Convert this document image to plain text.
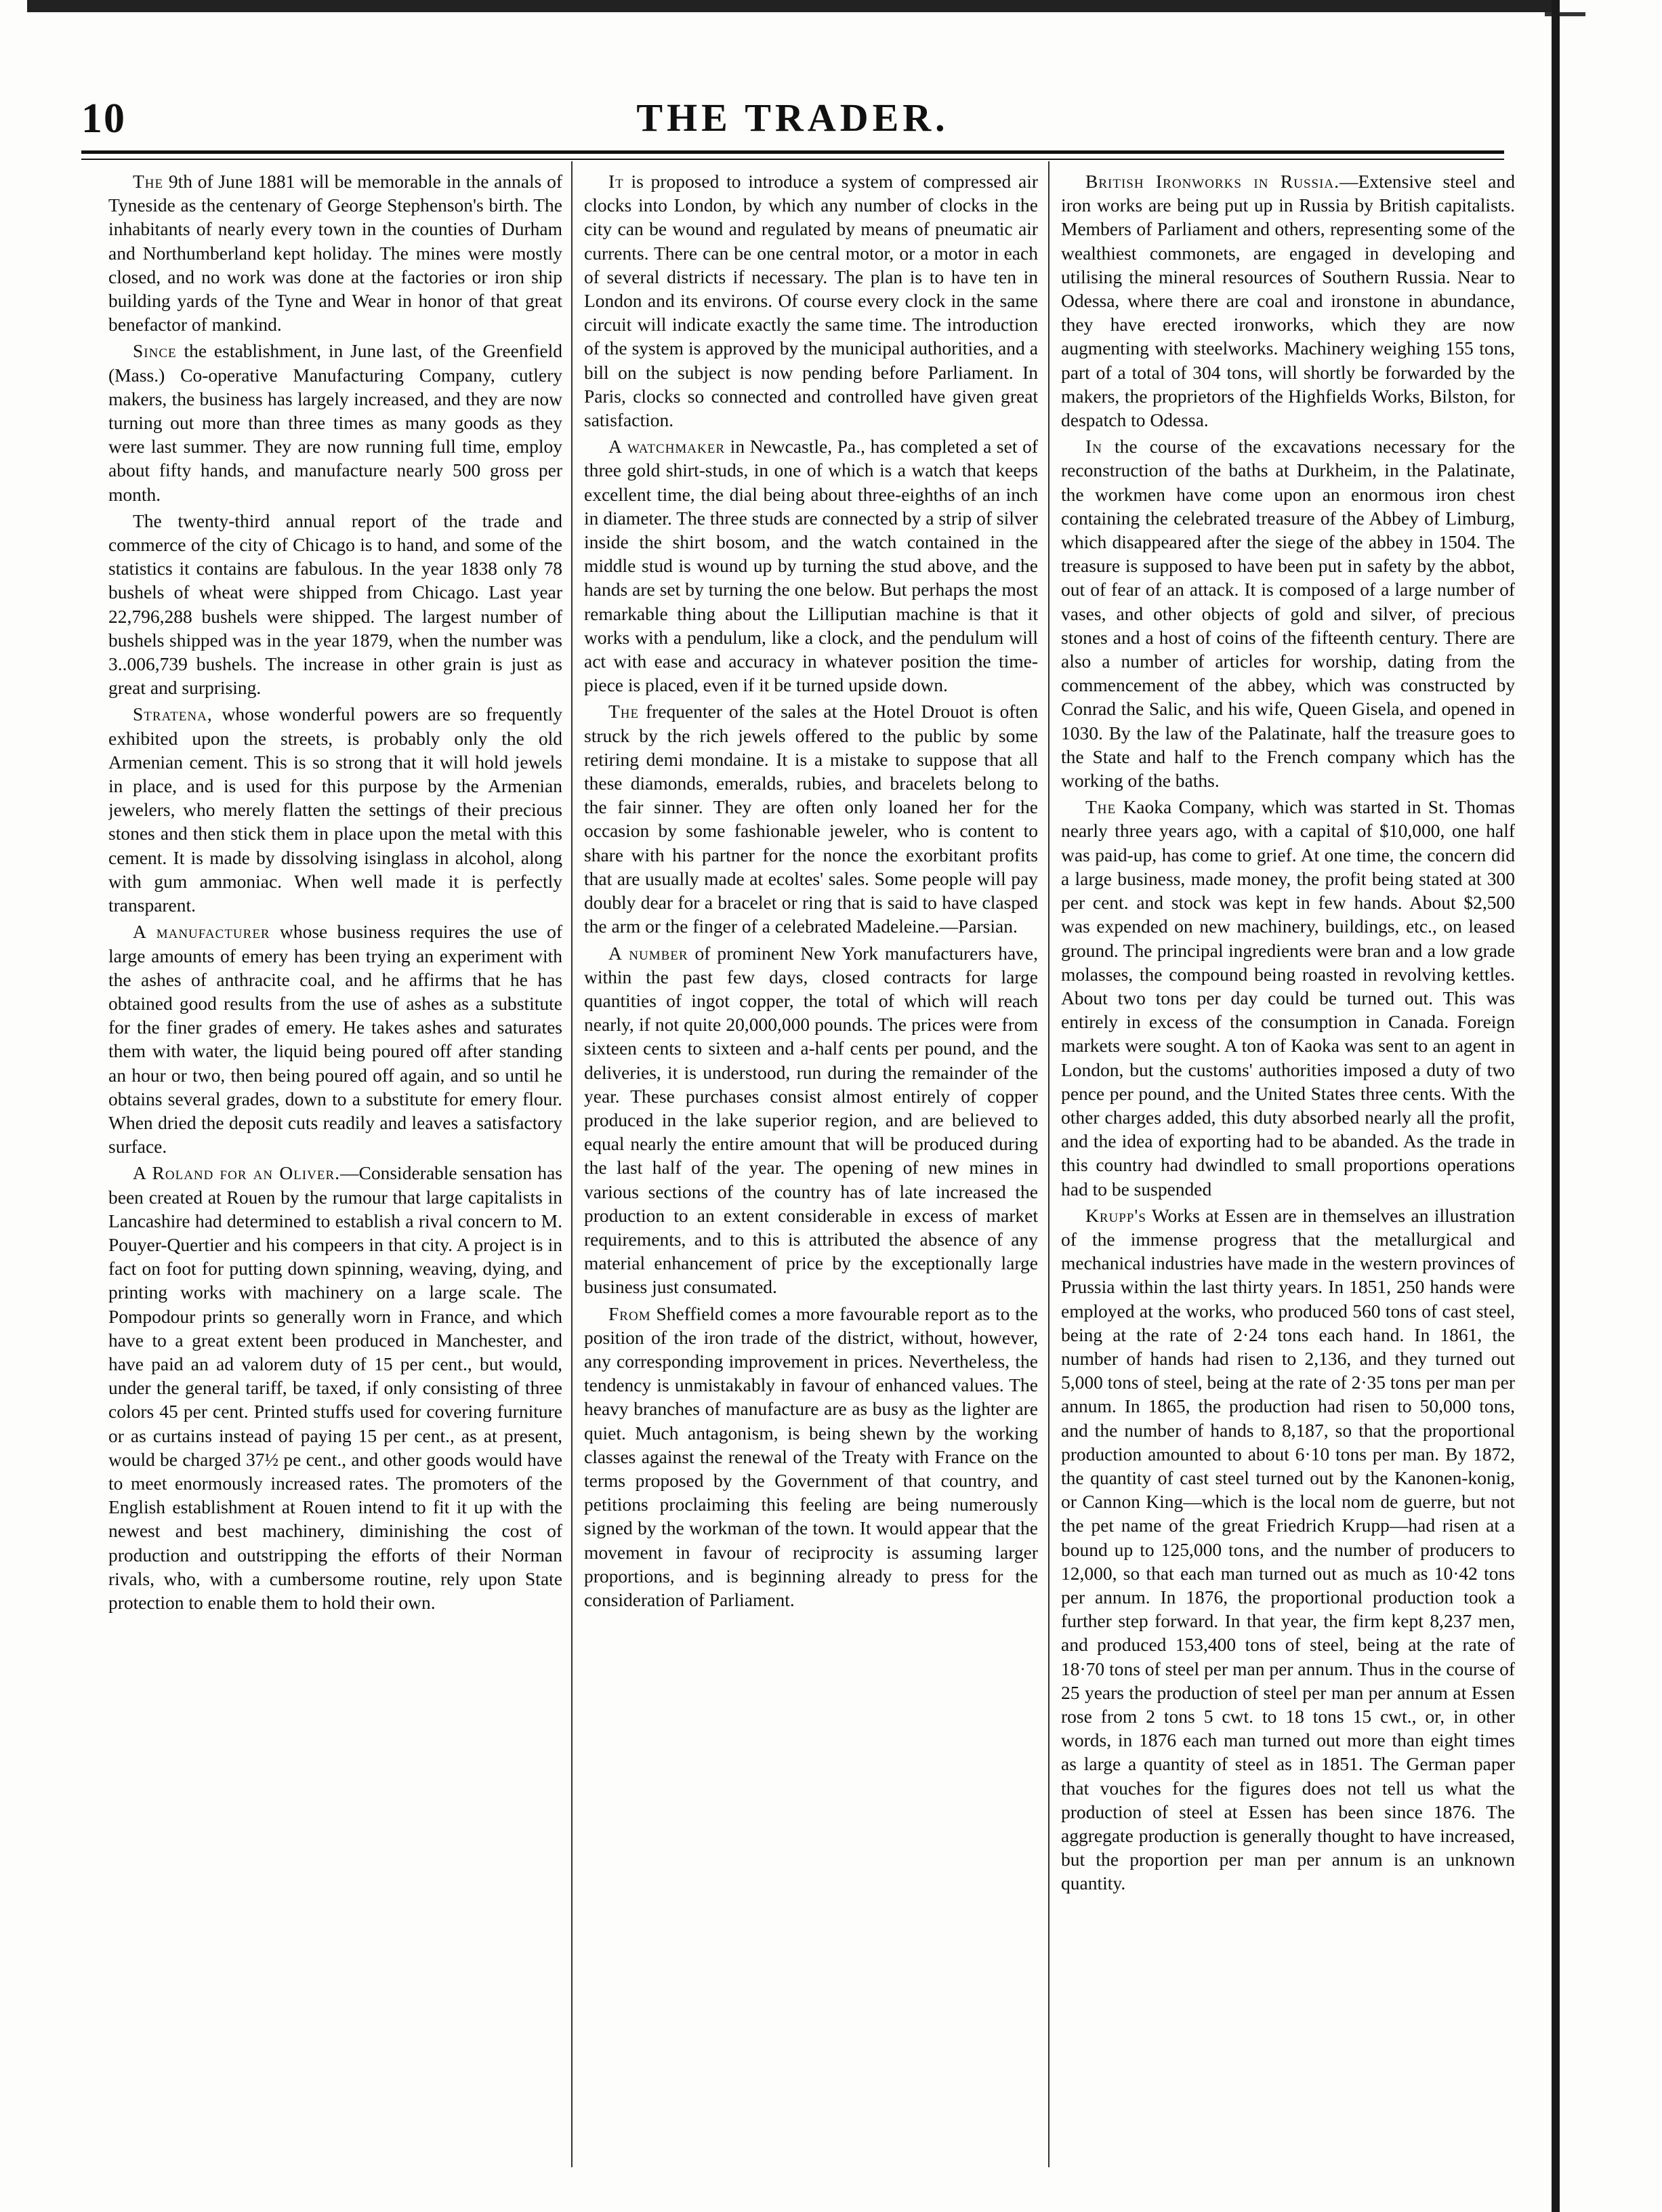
10	THE TRADER.

The 9th of June 1881 will be memorable in the annals of Tyneside as the centenary of George Stephenson's birth. The inhabitants of nearly every town in the counties of Durham and Northumberland kept holiday. The mines were mostly closed, and no work was done at the factories or iron ship building yards of the Tyne and Wear in honor of that great benefactor of mankind.

Since the establishment, in June last, of the Greenfield (Mass.) Co-operative Manufacturing Company, cutlery makers, the business has largely increased, and they are now turning out more than three times as many goods as they were last summer. They are now running full time, employ about fifty hands, and manufacture nearly 500 gross per month.

The twenty-third annual report of the trade and commerce of the city of Chicago is to hand, and some of the statistics it contains are fabulous. In the year 1838 only 78 bushels of wheat were shipped from Chicago. Last year 22,796,288 bushels were shipped. The largest number of bushels shipped was in the year 1879, when the number was 3..006,739 bushels. The increase in other grain is just as great and surprising.

Stratena, whose wonderful powers are so frequently exhibited upon the streets, is probably only the old Armenian cement. This is so strong that it will hold jewels in place, and is used for this purpose by the Armenian jewelers, who merely flatten the settings of their precious stones and then stick them in place upon the metal with this cement. It is made by dissolving isinglass in alcohol, along with gum ammoniac. When well made it is perfectly transparent.

A manufacturer whose business requires the use of large amounts of emery has been trying an experiment with the ashes of anthracite coal, and he affirms that he has obtained good results from the use of ashes as a substitute for the finer grades of emery. He takes ashes and saturates them with water, the liquid being poured off after standing an hour or two, then being poured off again, and so until he obtains several grades, down to a substitute for emery flour. When dried the deposit cuts readily and leaves a satisfactory surface.

A Roland for an Oliver.—Considerable sensation has been created at Rouen by the rumour that large capitalists in Lancashire had determined to establish a rival concern to M. Pouyer-Quertier and his compeers in that city. A project is in fact on foot for putting down spinning, weaving, dying, and printing works with machinery on a large scale. The Pompodour prints so generally worn in France, and which have to a great extent been produced in Manchester, and have paid an ad valorem duty of 15 per cent., but would, under the general tariff, be taxed, if only consisting of three colors 45 per cent. Printed stuffs used for covering furniture or as curtains instead of paying 15 per cent., as at present, would be charged 37½ pe cent., and other goods would have to meet enormously increased rates. The promoters of the English establishment at Rouen intend to fit it up with the newest and best machinery, diminishing the cost of production and outstripping the efforts of their Norman rivals, who, with a cumbersome routine, rely upon State protection to enable them to hold their own.

It is proposed to introduce a system of compressed air clocks into London, by which any number of clocks in the city can be wound and regulated by means of pneumatic air currents. There can be one central motor, or a motor in each of several districts if necessary. The plan is to have ten in London and its environs. Of course every clock in the same circuit will indicate exactly the same time. The introduction of the system is approved by the municipal authorities, and a bill on the subject is now pending before Parliament. In Paris, clocks so connected and controlled have given great satisfaction.

A watchmaker in Newcastle, Pa., has completed a set of three gold shirt-studs, in one of which is a watch that keeps excellent time, the dial being about three-eighths of an inch in diameter. The three studs are connected by a strip of silver inside the shirt bosom, and the watch contained in the middle stud is wound up by turning the stud above, and the hands are set by turning the one below. But perhaps the most remarkable thing about the Lilliputian machine is that it works with a pendulum, like a clock, and the pendulum will act with ease and accuracy in whatever position the time-piece is placed, even if it be turned upside down.

The frequenter of the sales at the Hotel Drouot is often struck by the rich jewels offered to the public by some retiring demi mondaine. It is a mistake to suppose that all these diamonds, emeralds, rubies, and bracelets belong to the fair sinner. They are often only loaned her for the occasion by some fashionable jeweler, who is content to share with his partner for the nonce the exorbitant profits that are usually made at ecoltes' sales. Some people will pay doubly dear for a bracelet or ring that is said to have clasped the arm or the finger of a celebrated Madeleine.—Parsian.

A number of prominent New York manufacturers have, within the past few days, closed contracts for large quantities of ingot copper, the total of which will reach nearly, if not quite 20,000,000 pounds. The prices were from sixteen cents to sixteen and a-half cents per pound, and the deliveries, it is understood, run during the remainder of the year. These purchases consist almost entirely of copper produced in the lake superior region, and are believed to equal nearly the entire amount that will be produced during the last half of the year. The opening of new mines in various sections of the country has of late increased the production to an extent considerable in excess of market requirements, and to this is attributed the absence of any material enhancement of price by the exceptionally large business just consumated.

From Sheffield comes a more favourable report as to the position of the iron trade of the district, without, however, any corresponding improvement in prices. Nevertheless, the tendency is unmistakably in favour of enhanced values. The heavy branches of manufacture are as busy as the lighter are quiet. Much antagonism, is being shewn by the working classes against the renewal of the Treaty with France on the terms proposed by the Government of that country, and petitions proclaiming this feeling are being numerously signed by the workman of the town. It would appear that the movement in favour of reciprocity is assuming larger proportions, and is beginning already to press for the consideration of Parliament.

British Ironworks in Russia.—Extensive steel and iron works are being put up in Russia by British capitalists. Members of Parliament and others, representing some of the wealthiest commonets, are engaged in developing and utilising the mineral resources of Southern Russia. Near to Odessa, where there are coal and ironstone in abundance, they have erected ironworks, which they are now augmenting with steelworks. Machinery weighing 155 tons, part of a total of 304 tons, will shortly be forwarded by the makers, the proprietors of the Highfields Works, Bilston, for despatch to Odessa.

In the course of the excavations necessary for the reconstruction of the baths at Durkheim, in the Palatinate, the workmen have come upon an enormous iron chest containing the celebrated treasure of the Abbey of Limburg, which disappeared after the siege of the abbey in 1504. The treasure is supposed to have been put in safety by the abbot, out of fear of an attack. It is composed of a large number of vases, and other objects of gold and silver, of precious stones and a host of coins of the fifteenth century. There are also a number of articles for worship, dating from the commencement of the abbey, which was constructed by Conrad the Salic, and his wife, Queen Gisela, and opened in 1030. By the law of the Palatinate, half the treasure goes to the State and half to the French company which has the working of the baths.

The Kaoka Company, which was started in St. Thomas nearly three years ago, with a capital of $10,000, one half was paid-up, has come to grief. At one time, the concern did a large business, made money, the profit being stated at 300 per cent. and stock was kept in few hands. About $2,500 was expended on new machinery, buildings, etc., on leased ground. The principal ingredients were bran and a low grade molasses, the compound being roasted in revolving kettles. About two tons per day could be turned out. This was entirely in excess of the consumption in Canada. Foreign markets were sought. A ton of Kaoka was sent to an agent in London, but the customs' authorities imposed a duty of two pence per pound, and the United States three cents. With the other charges added, this duty absorbed nearly all the profit, and the idea of exporting had to be abanded. As the trade in this country had dwindled to small proportions operations had to be suspended

Krupp's Works at Essen are in themselves an illustration of the immense progress that the metallurgical and mechanical industries have made in the western provinces of Prussia within the last thirty years. In 1851, 250 hands were employed at the works, who produced 560 tons of cast steel, being at the rate of 2·24 tons each hand. In 1861, the number of hands had risen to 2,136, and they turned out 5,000 tons of steel, being at the rate of 2·35 tons per man per annum. In 1865, the production had risen to 50,000 tons, and the number of hands to 8,187, so that the proportional production amounted to about 6·10 tons per man. By 1872, the quantity of cast steel turned out by the Kanonen-konig, or Cannon King—which is the local nom de guerre, but not the pet name of the great Friedrich Krupp—had risen at a bound up to 125,000 tons, and the number of producers to 12,000, so that each man turned out as much as 10·42 tons per annum. In 1876, the proportional production took a further step forward. In that year, the firm kept 8,237 men, and produced 153,400 tons of steel, being at the rate of 18·70 tons of steel per man per annum. Thus in the course of 25 years the production of steel per man per annum at Essen rose from 2 tons 5 cwt. to 18 tons 15 cwt., or, in other words, in 1876 each man turned out more than eight times as large a quantity of steel as in 1851. The German paper that vouches for the figures does not tell us what the production of steel at Essen has been since 1876. The aggregate production is generally thought to have increased, but the proportion per man per annum is an unknown quantity.
